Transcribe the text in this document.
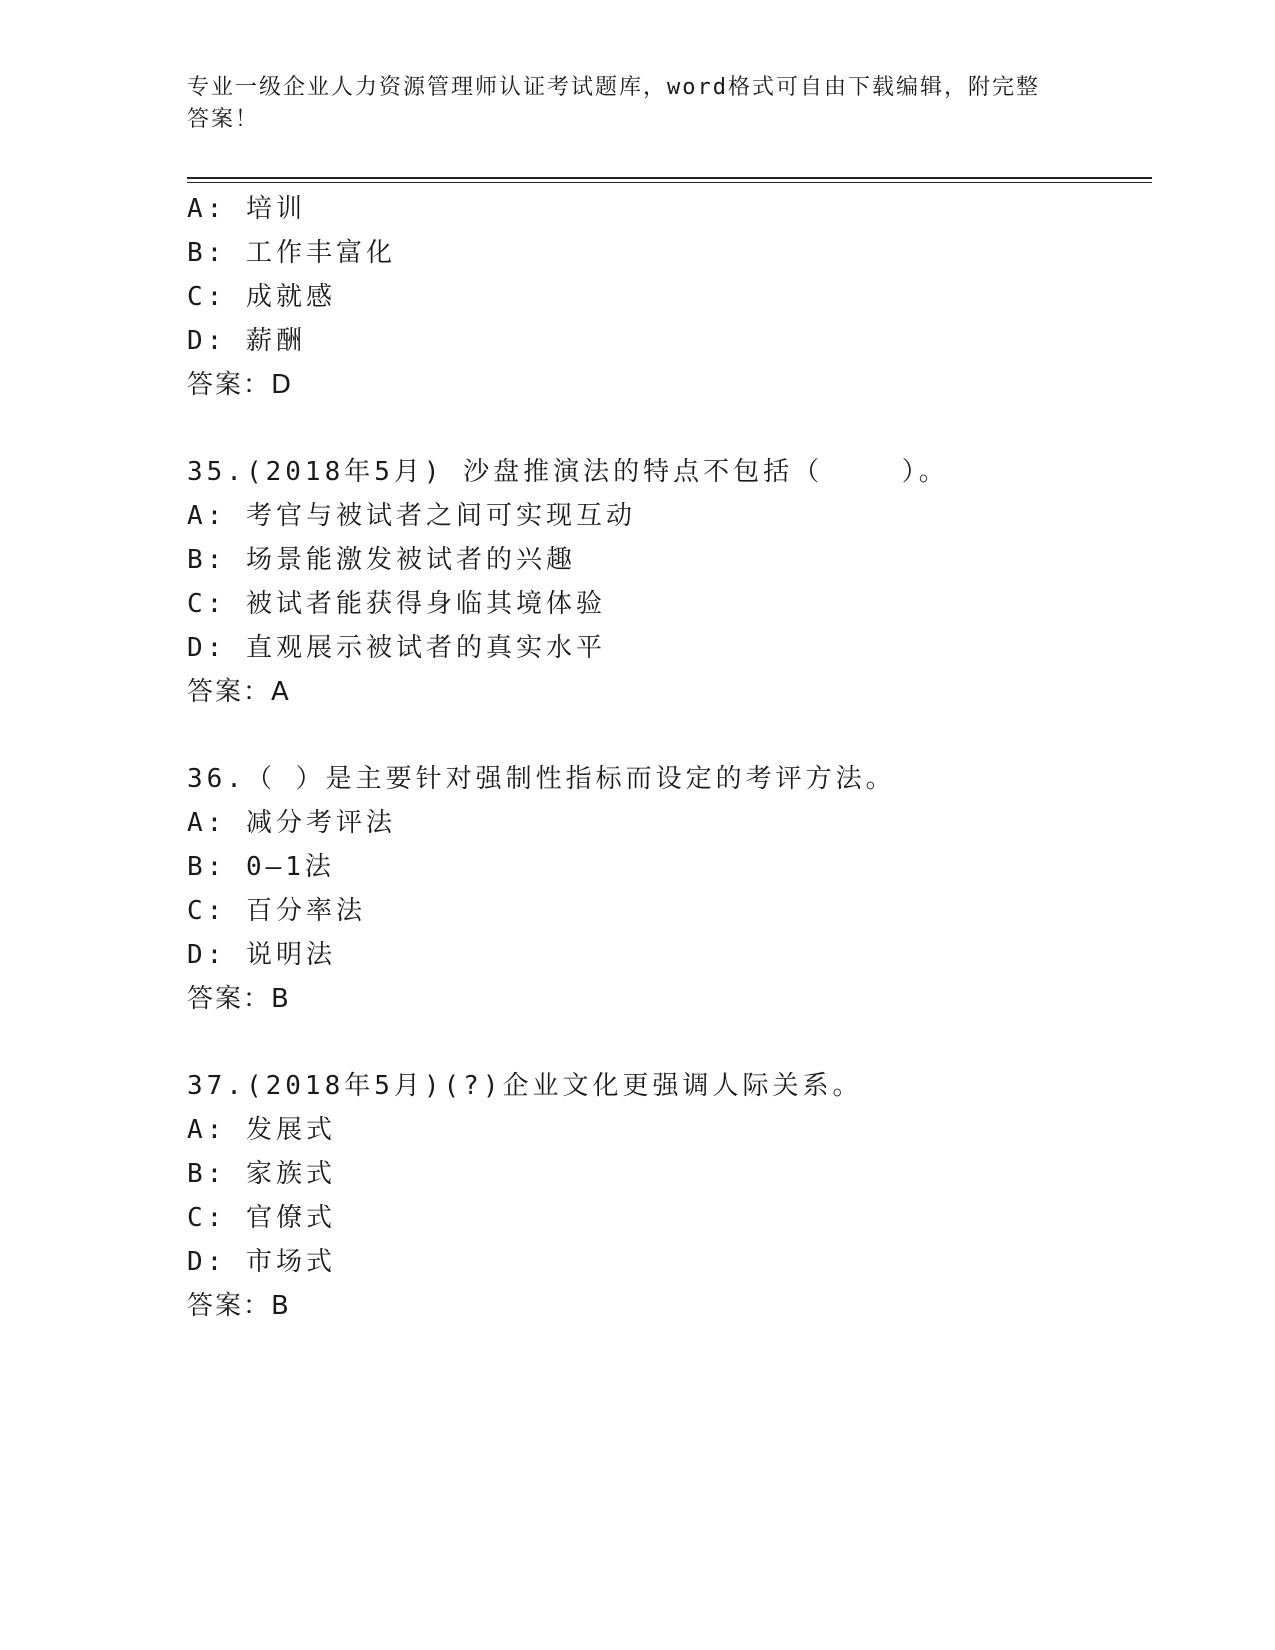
专业一级企业人力资源管理师认证考试题库，word格式可自由下载编辑，附完整
答案！
A: 培训
B: 工作丰富化
C: 成就感
D: 薪酬
答案：D
35.(2018年5月) 沙盘推演法的特点不包括（    ）。
A: 考官与被试者之间可实现互动
B: 场景能激发被试者的兴趣
C: 被试者能获得身临其境体验
D: 直观展示被试者的真实水平
答案：A
36.（ ）是主要针对强制性指标而设定的考评方法。
A: 减分考评法
B: 0—1法
C: 百分率法
D: 说明法
答案：B
37.(2018年5月)(?)企业文化更强调人际关系。
A: 发展式
B: 家族式
C: 官僚式
D: 市场式
答案：B
